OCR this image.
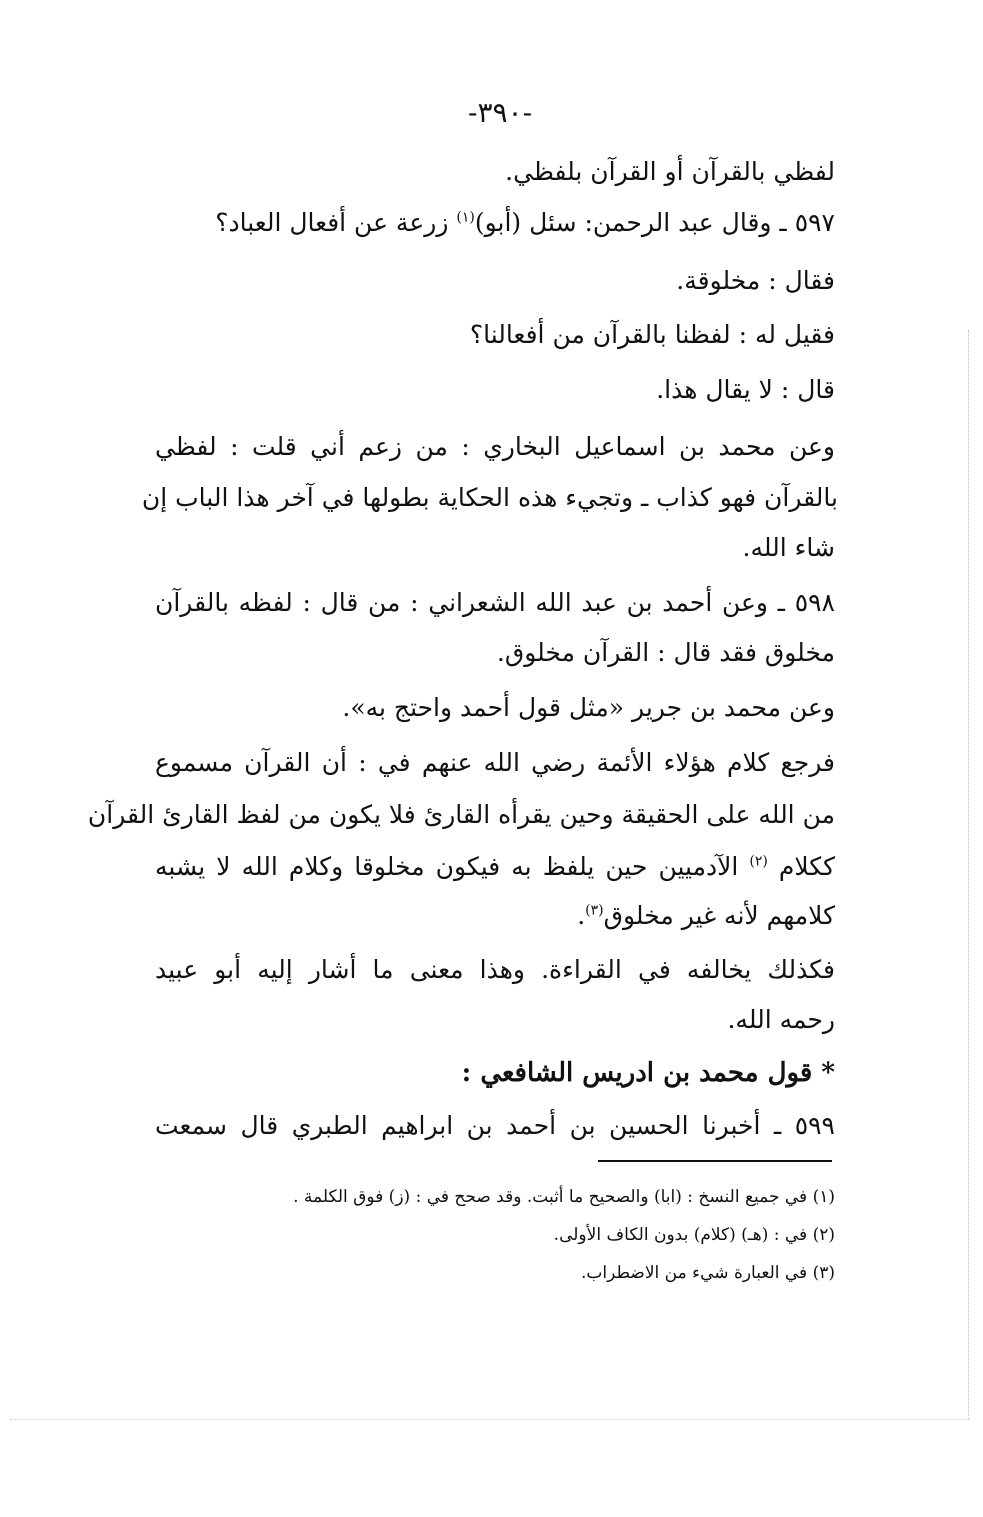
-٣٩٠-
لفظي بالقرآن أو القرآن بلفظي.
٥٩٧ ـ وقال عبد الرحمن: سئل (أبو)$^{(١)}$ زرعة عن أفعال العباد؟
فقال : مخلوقة.
فقيل له : لفظنا بالقرآن من أفعالنا؟
قال : لا يقال هذا.
وعن محمد بن اسماعيل البخاري : من زعم أني قلت : لفظي
بالقرآن فهو كذاب ـ وتجيء هذه الحكاية بطولها في آخر هذا الباب إن
شاء الله.
٥٩٨ ـ وعن أحمد بن عبد الله الشعراني : من قال : لفظه بالقرآن
مخلوق فقد قال : القرآن مخلوق.
وعن محمد بن جرير «مثل قول أحمد واحتج به».
فرجع كلام هؤلاء الأئمة رضي الله عنهم في : أن القرآن مسموع
من الله على الحقيقة وحين يقرأه القارئ فلا يكون من لفظ القارئ القرآن
ككلام $^{(٢)}$ الآدميين حين يلفظ به فيكون مخلوقا وكلام الله لا يشبه
كلامهم لأنه غير مخلوق$^{(٣)}$.
فكذلك يخالفه في القراءة. وهذا معنى ما أشار إليه أبو عبيد
رحمه الله.
* قول محمد بن ادريس الشافعي :
٥٩٩ ـ أخبرنا الحسين بن أحمد بن ابراهيم الطبري قال سمعت
(١) في جميع النسخ : (ابا) والصحيح ما أثبت. وقد صحح في : (ز) فوق الكلمة .
(٢) في : (هـ) (كلام) بدون الكاف الأولى.
(٣) في العبارة شيء من الاضطراب.
